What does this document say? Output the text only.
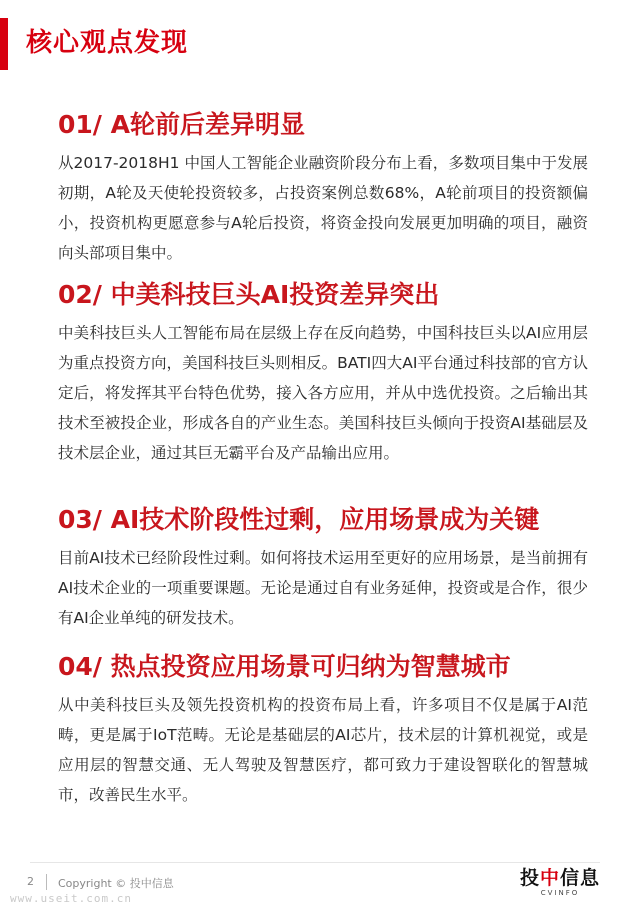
核心观点发现
01/ A轮前后差异明显

从2017-2018H1 中国人工智能企业融资阶段分布上看，多数项目集中于发展初期，A轮及天使轮投资较多，占投资案例总数68%，A轮前项目的投资额偏小，投资机构更愿意参与A轮后投资，将资金投向发展更加明确的项目，融资向头部项目集中。

02/ 中美科技巨头AI投资差异突出

中美科技巨头人工智能布局在层级上存在反向趋势，中国科技巨头以AI应用层为重点投资方向，美国科技巨头则相反。BATI四大AI平台通过科技部的官方认定后，将发挥其平台特色优势，接入各方应用，并从中选优投资。之后输出其技术至被投企业，形成各自的产业生态。美国科技巨头倾向于投资AI基础层及技术层企业，通过其巨无霸平台及产品输出应用。

03/ AI技术阶段性过剩，应用场景成为关键

目前AI技术已经阶段性过剩。如何将技术运用至更好的应用场景，是当前拥有AI技术企业的一项重要课题。无论是通过自有业务延伸，投资或是合作，很少有AI企业单纯的研发技术。

04/ 热点投资应用场景可归纳为智慧城市

从中美科技巨头及领先投资机构的投资布局上看，许多项目不仅是属于AI范畴，更是属于IoT范畴。无论是基础层的AI芯片，技术层的计算机视觉，或是应用层的智慧交通、无人驾驶及智慧医疗，都可致力于建设智联化的智慧城市，改善民生水平。

2 Copyright © 投中信息
www.useit.com.cn
投中信息
CVINFO
